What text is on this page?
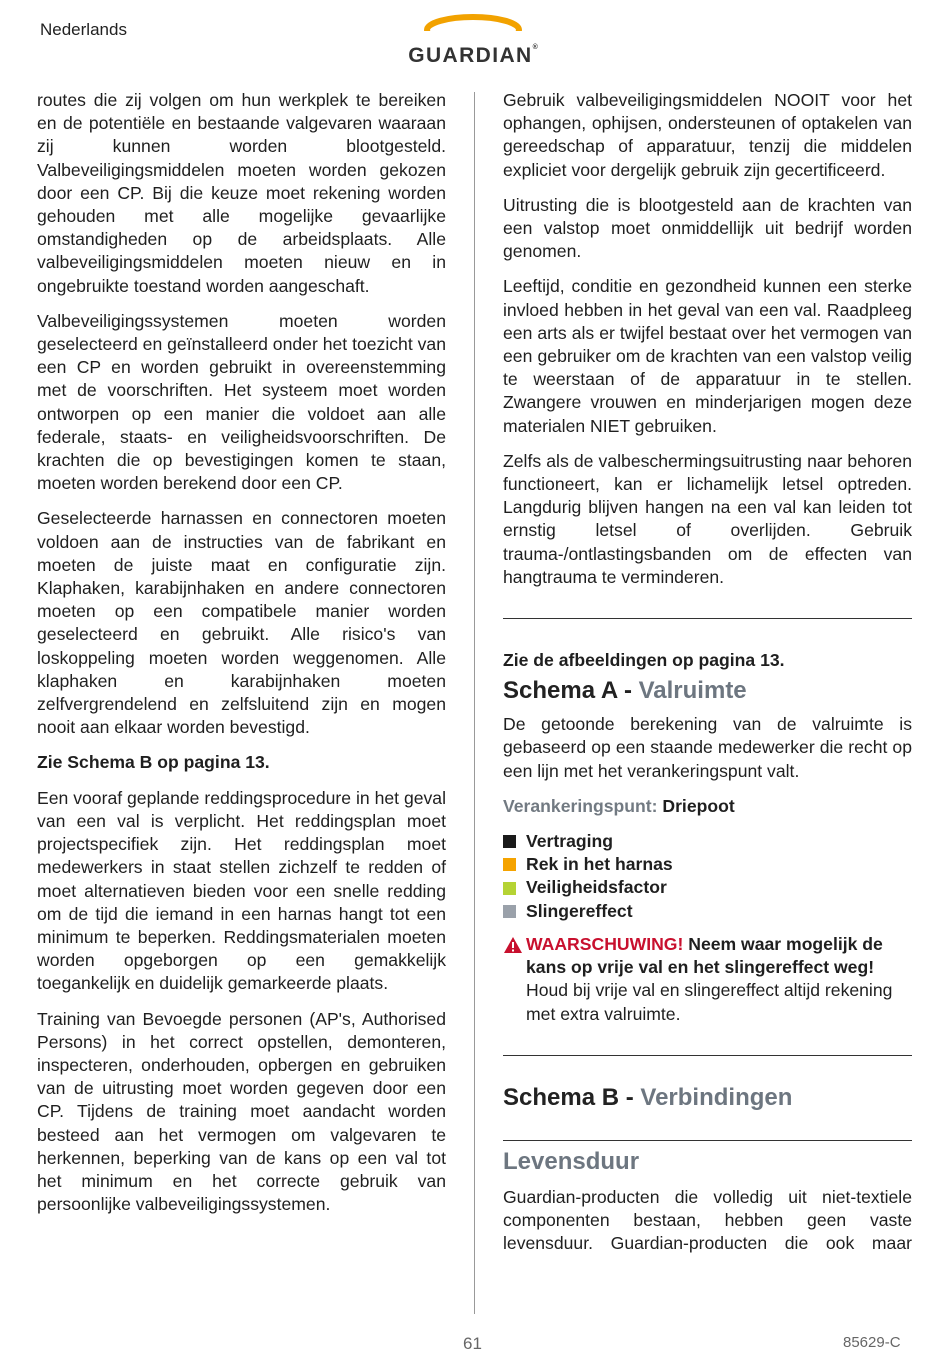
Nederlands
GUARDIAN®

routes die zij volgen om hun werkplek te bereiken en de potentiële en bestaande valgevaren waaraan zij kunnen worden blootgesteld. Valbeveiligingsmiddelen moeten worden gekozen door een CP. Bij die keuze moet rekening worden gehouden met alle mogelijke gevaarlijke omstandigheden op de arbeidsplaats. Alle valbeveiligingsmiddelen moeten nieuw en in ongebruikte toestand worden aangeschaft.

Valbeveiligingssystemen moeten worden geselecteerd en geïnstalleerd onder het toezicht van een CP en worden gebruikt in overeenstemming met de voorschriften. Het systeem moet worden ontworpen op een manier die voldoet aan alle federale, staats- en veiligheidsvoorschriften. De krachten die op bevestigingen komen te staan, moeten worden berekend door een CP.

Geselecteerde harnassen en connectoren moeten voldoen aan de instructies van de fabrikant en moeten de juiste maat en configuratie zijn. Klaphaken, karabijnhaken en andere connectoren moeten op een compatibele manier worden geselecteerd en gebruikt. Alle risico's van loskoppeling moeten worden weggenomen. Alle klaphaken en karabijnhaken moeten zelfvergrendelend en zelfsluitend zijn en mogen nooit aan elkaar worden bevestigd.

Zie Schema B op pagina 13.

Een vooraf geplande reddingsprocedure in het geval van een val is verplicht. Het reddingsplan moet projectspecifiek zijn. Het reddingsplan moet medewerkers in staat stellen zichzelf te redden of moet alternatieven bieden voor een snelle redding om de tijd die iemand in een harnas hangt tot een minimum te beperken. Reddingsmaterialen moeten worden opgeborgen op een gemakkelijk toegankelijk en duidelijk gemarkeerde plaats.

Training van Bevoegde personen (AP's, Authorised Persons) in het correct opstellen, demonteren, inspecteren, onderhouden, opbergen en gebruiken van de uitrusting moet worden gegeven door een CP. Tijdens de training moet aandacht worden besteed aan het vermogen om valgevaren te herkennen, beperking van de kans op een val tot het minimum en het correcte gebruik van persoonlijke valbeveiligingssystemen.

Gebruik valbeveiligingsmiddelen NOOIT voor het ophangen, ophijsen, ondersteunen of optakelen van gereedschap of apparatuur, tenzij die middelen expliciet voor dergelijk gebruik zijn gecertificeerd.

Uitrusting die is blootgesteld aan de krachten van een valstop moet onmiddellijk uit bedrijf worden genomen.

Leeftijd, conditie en gezondheid kunnen een sterke invloed hebben in het geval van een val. Raadpleeg een arts als er twijfel bestaat over het vermogen van een gebruiker om de krachten van een valstop veilig te weerstaan of de apparatuur in te stellen. Zwangere vrouwen en minderjarigen mogen deze materialen NIET gebruiken.

Zelfs als de valbeschermingsuitrusting naar behoren functioneert, kan er lichamelijk letsel optreden. Langdurig blijven hangen na een val kan leiden tot ernstig letsel of overlijden. Gebruik trauma-/ontlastingsbanden om de effecten van hangtrauma te verminderen.

Zie de afbeeldingen op pagina 13.

Schema A - Valruimte

De getoonde berekening van de valruimte is gebaseerd op een staande medewerker die recht op een lijn met het verankeringspunt valt.

Verankeringspunt: Driepoot

Vertraging
Rek in het harnas
Veiligheidsfactor
Slingereffect
WAARSCHUWING! Neem waar mogelijk de kans op vrije val en het slingereffect weg! Houd bij vrije val en slingereffect altijd rekening met extra valruimte.
Schema B - Verbindingen
Levensduur

Guardian-producten die volledig uit niet-textiele componenten bestaan, hebben geen vaste levensduur. Guardian-producten die ook maar

61	85629-C
